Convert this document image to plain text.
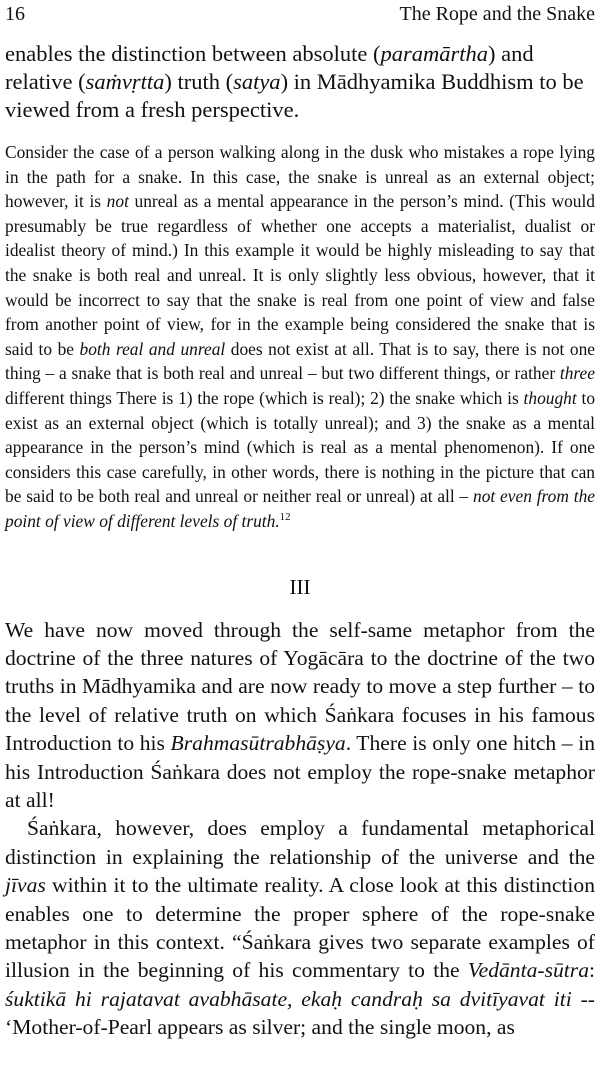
16	The Rope and the Snake

enables the distinction between absolute (paramārtha) and relative (saṁvṛtta) truth (satya) in Mādhyamika Buddhism to be viewed from a fresh perspective.

Consider the case of a person walking along in the dusk who mistakes a rope lying in the path for a snake. In this case, the snake is unreal as an external object; however, it is not unreal as a mental appearance in the person’s mind. (This would presumably be true regardless of whether one accepts a materialist, dualist or idealist theory of mind.) In this example it would be highly misleading to say that the snake is both real and unreal. It is only slightly less obvious, however, that it would be incorrect to say that the snake is real from one point of view and false from another point of view, for in the example being considered the snake that is said to be both real and unreal does not exist at all. That is to say, there is not one thing – a snake that is both real and unreal – but two different things, or rather three different things There is 1) the rope (which is real); 2) the snake which is thought to exist as an external object (which is totally unreal); and 3) the snake as a mental appearance in the person’s mind (which is real as a mental phenomenon). If one considers this case carefully, in other words, there is nothing in the picture that can be said to be both real and unreal or neither real or unreal) at all – not even from the point of view of different levels of truth.$^{12}$

III

We have now moved through the self-same metaphor from the doctrine of the three natures of Yogācāra to the doctrine of the two truths in Mādhyamika and are now ready to move a step further – to the level of relative truth on which Śaṅkara focuses in his famous Introduction to his Brahmasūtrabhāṣya. There is only one hitch – in his Introduction Śaṅkara does not employ the rope-snake metaphor at all!

Śaṅkara, however, does employ a fundamental metaphorical distinction in explaining the relationship of the universe and the jīvas within it to the ultimate reality. A close look at this distinction enables one to determine the proper sphere of the rope-snake metaphor in this context. “Śaṅkara gives two separate examples of illusion in the beginning of his commentary to the Vedānta-sūtra: śuktikā hi rajatavat avabhāsate, ekaḥ candraḥ sa dvitīyavat iti -- ‘Mother-of-Pearl appears as silver; and the single moon, as
